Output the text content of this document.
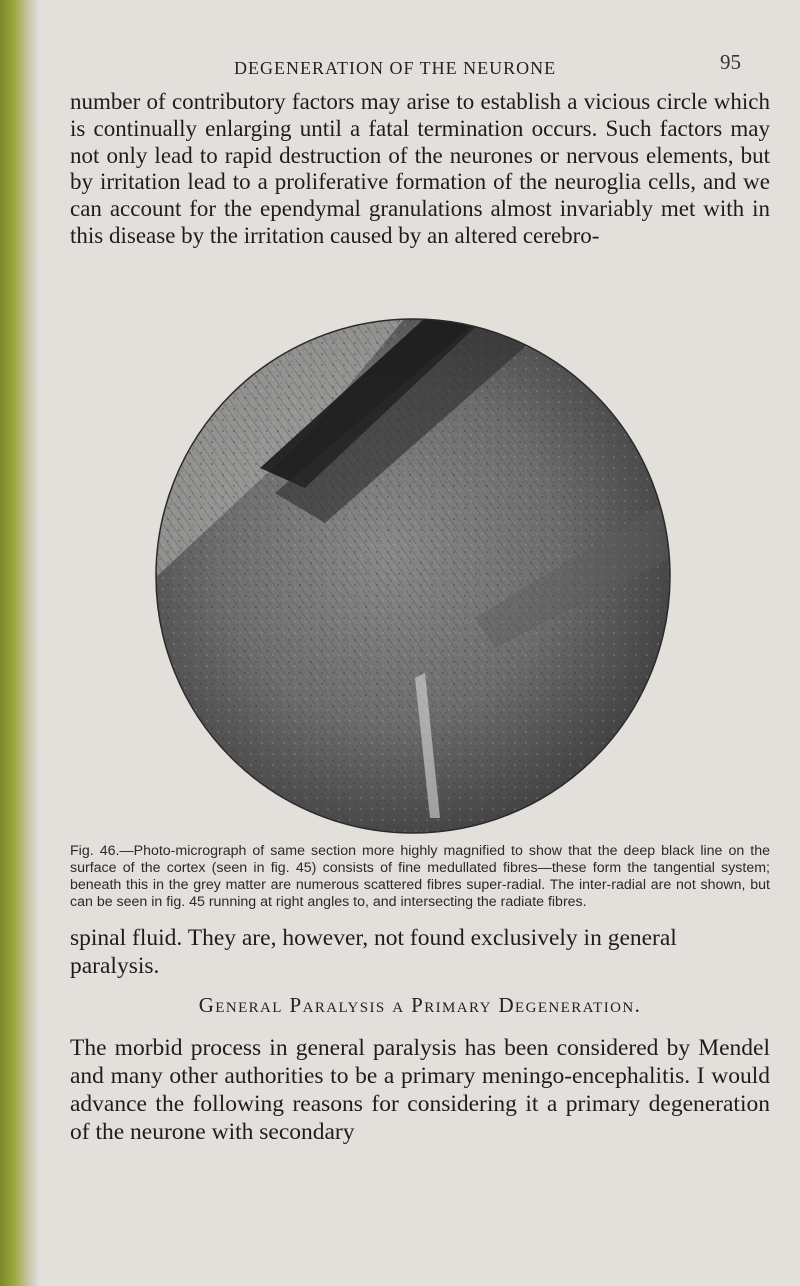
DEGENERATION OF THE NEURONE	95

number of contributory factors may arise to establish a vicious circle which is continually enlarging until a fatal termination occurs. Such factors may not only lead to rapid destruction of the neurones or nervous elements, but by irritation lead to a proliferative formation of the neuroglia cells, and we can account for the ependymal granulations almost invariably met with in this disease by the irritation caused by an altered cerebro-

Fig. 46.—Photo-micrograph of same section more highly magnified to show that the deep black line on the surface of the cortex (seen in fig. 45) consists of fine medullated fibres—these form the tangential system; beneath this in the grey matter are numerous scattered fibres super-radial. The inter-radial are not shown, but can be seen in fig. 45 running at right angles to, and intersecting the radiate fibres.

spinal fluid. They are, however, not found exclusively in general paralysis.

General Paralysis a Primary Degeneration.

The morbid process in general paralysis has been considered by Mendel and many other authorities to be a primary meningo-encephalitis. I would advance the following reasons for considering it a primary degeneration of the neurone with secondary
